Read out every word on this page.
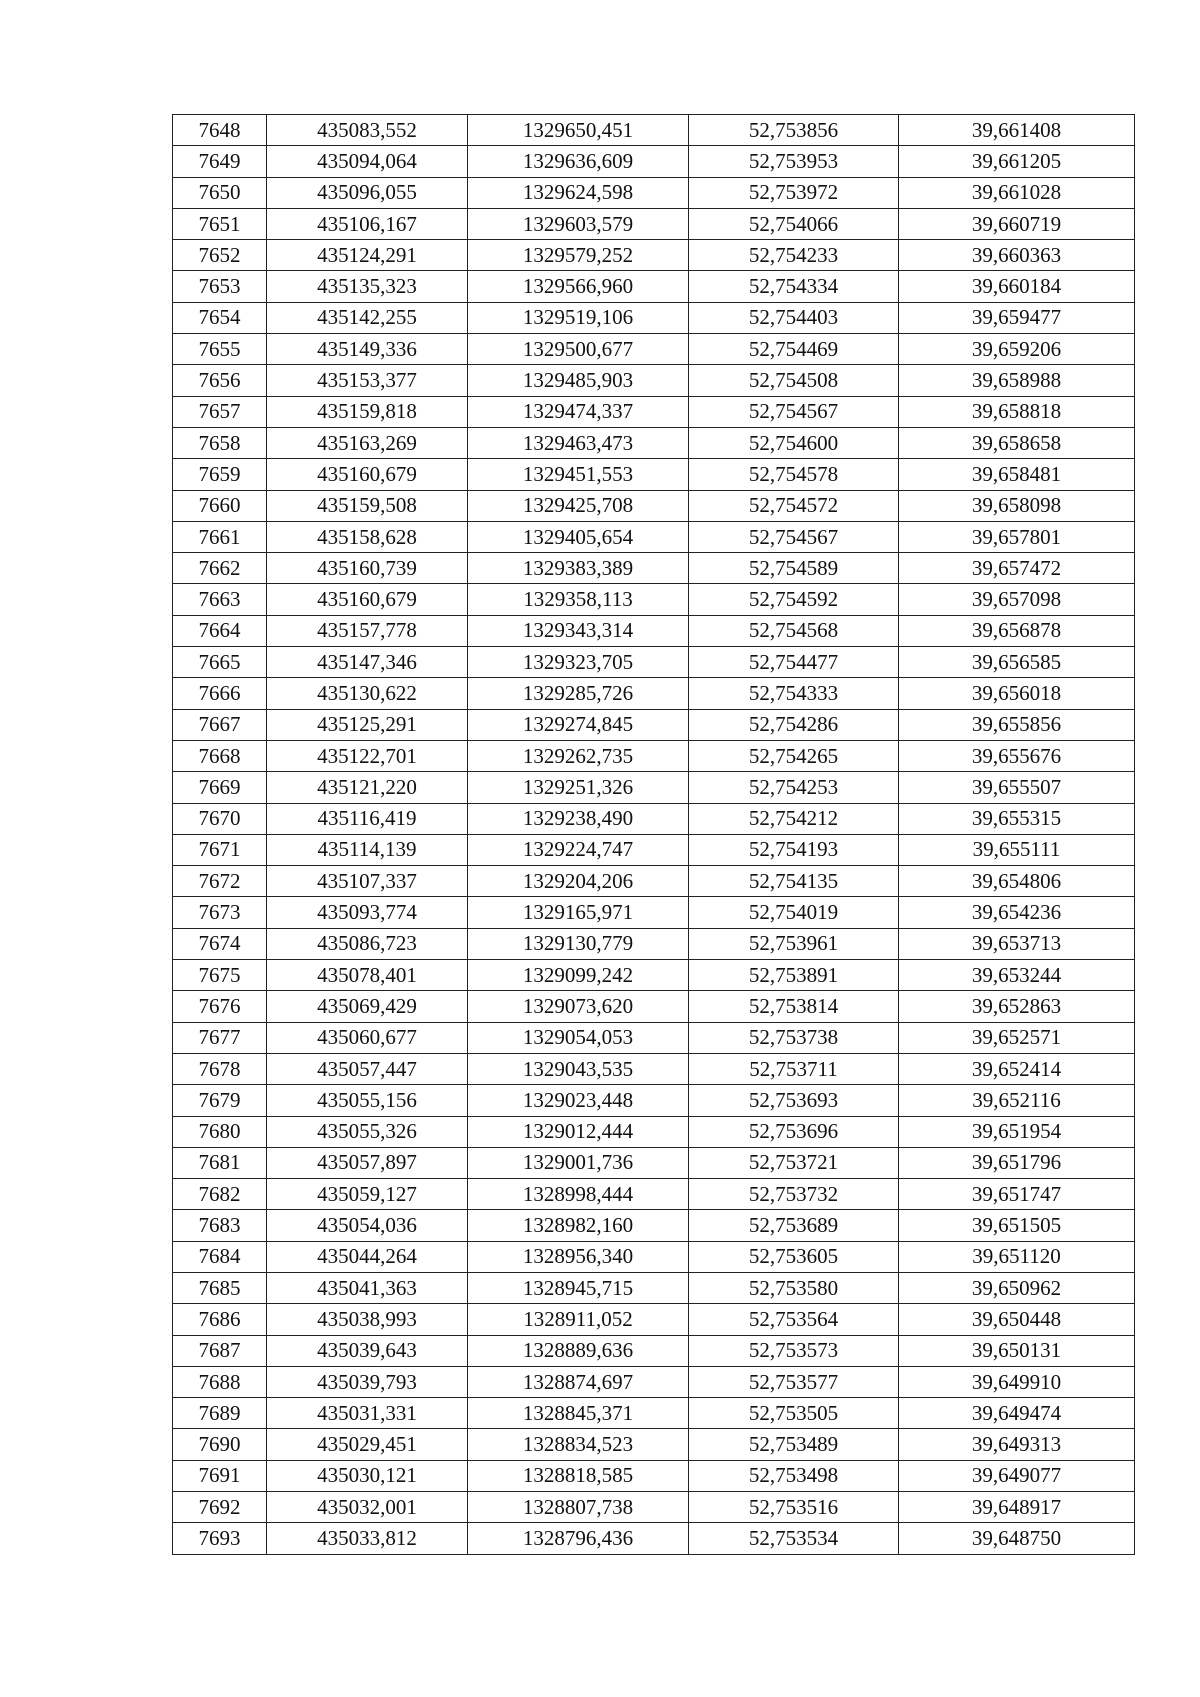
7648	435083,552	1329650,451	52,753856	39,661408
7649	435094,064	1329636,609	52,753953	39,661205
7650	435096,055	1329624,598	52,753972	39,661028
7651	435106,167	1329603,579	52,754066	39,660719
7652	435124,291	1329579,252	52,754233	39,660363
7653	435135,323	1329566,960	52,754334	39,660184
7654	435142,255	1329519,106	52,754403	39,659477
7655	435149,336	1329500,677	52,754469	39,659206
7656	435153,377	1329485,903	52,754508	39,658988
7657	435159,818	1329474,337	52,754567	39,658818
7658	435163,269	1329463,473	52,754600	39,658658
7659	435160,679	1329451,553	52,754578	39,658481
7660	435159,508	1329425,708	52,754572	39,658098
7661	435158,628	1329405,654	52,754567	39,657801
7662	435160,739	1329383,389	52,754589	39,657472
7663	435160,679	1329358,113	52,754592	39,657098
7664	435157,778	1329343,314	52,754568	39,656878
7665	435147,346	1329323,705	52,754477	39,656585
7666	435130,622	1329285,726	52,754333	39,656018
7667	435125,291	1329274,845	52,754286	39,655856
7668	435122,701	1329262,735	52,754265	39,655676
7669	435121,220	1329251,326	52,754253	39,655507
7670	435116,419	1329238,490	52,754212	39,655315
7671	435114,139	1329224,747	52,754193	39,655111
7672	435107,337	1329204,206	52,754135	39,654806
7673	435093,774	1329165,971	52,754019	39,654236
7674	435086,723	1329130,779	52,753961	39,653713
7675	435078,401	1329099,242	52,753891	39,653244
7676	435069,429	1329073,620	52,753814	39,652863
7677	435060,677	1329054,053	52,753738	39,652571
7678	435057,447	1329043,535	52,753711	39,652414
7679	435055,156	1329023,448	52,753693	39,652116
7680	435055,326	1329012,444	52,753696	39,651954
7681	435057,897	1329001,736	52,753721	39,651796
7682	435059,127	1328998,444	52,753732	39,651747
7683	435054,036	1328982,160	52,753689	39,651505
7684	435044,264	1328956,340	52,753605	39,651120
7685	435041,363	1328945,715	52,753580	39,650962
7686	435038,993	1328911,052	52,753564	39,650448
7687	435039,643	1328889,636	52,753573	39,650131
7688	435039,793	1328874,697	52,753577	39,649910
7689	435031,331	1328845,371	52,753505	39,649474
7690	435029,451	1328834,523	52,753489	39,649313
7691	435030,121	1328818,585	52,753498	39,649077
7692	435032,001	1328807,738	52,753516	39,648917
7693	435033,812	1328796,436	52,753534	39,648750
